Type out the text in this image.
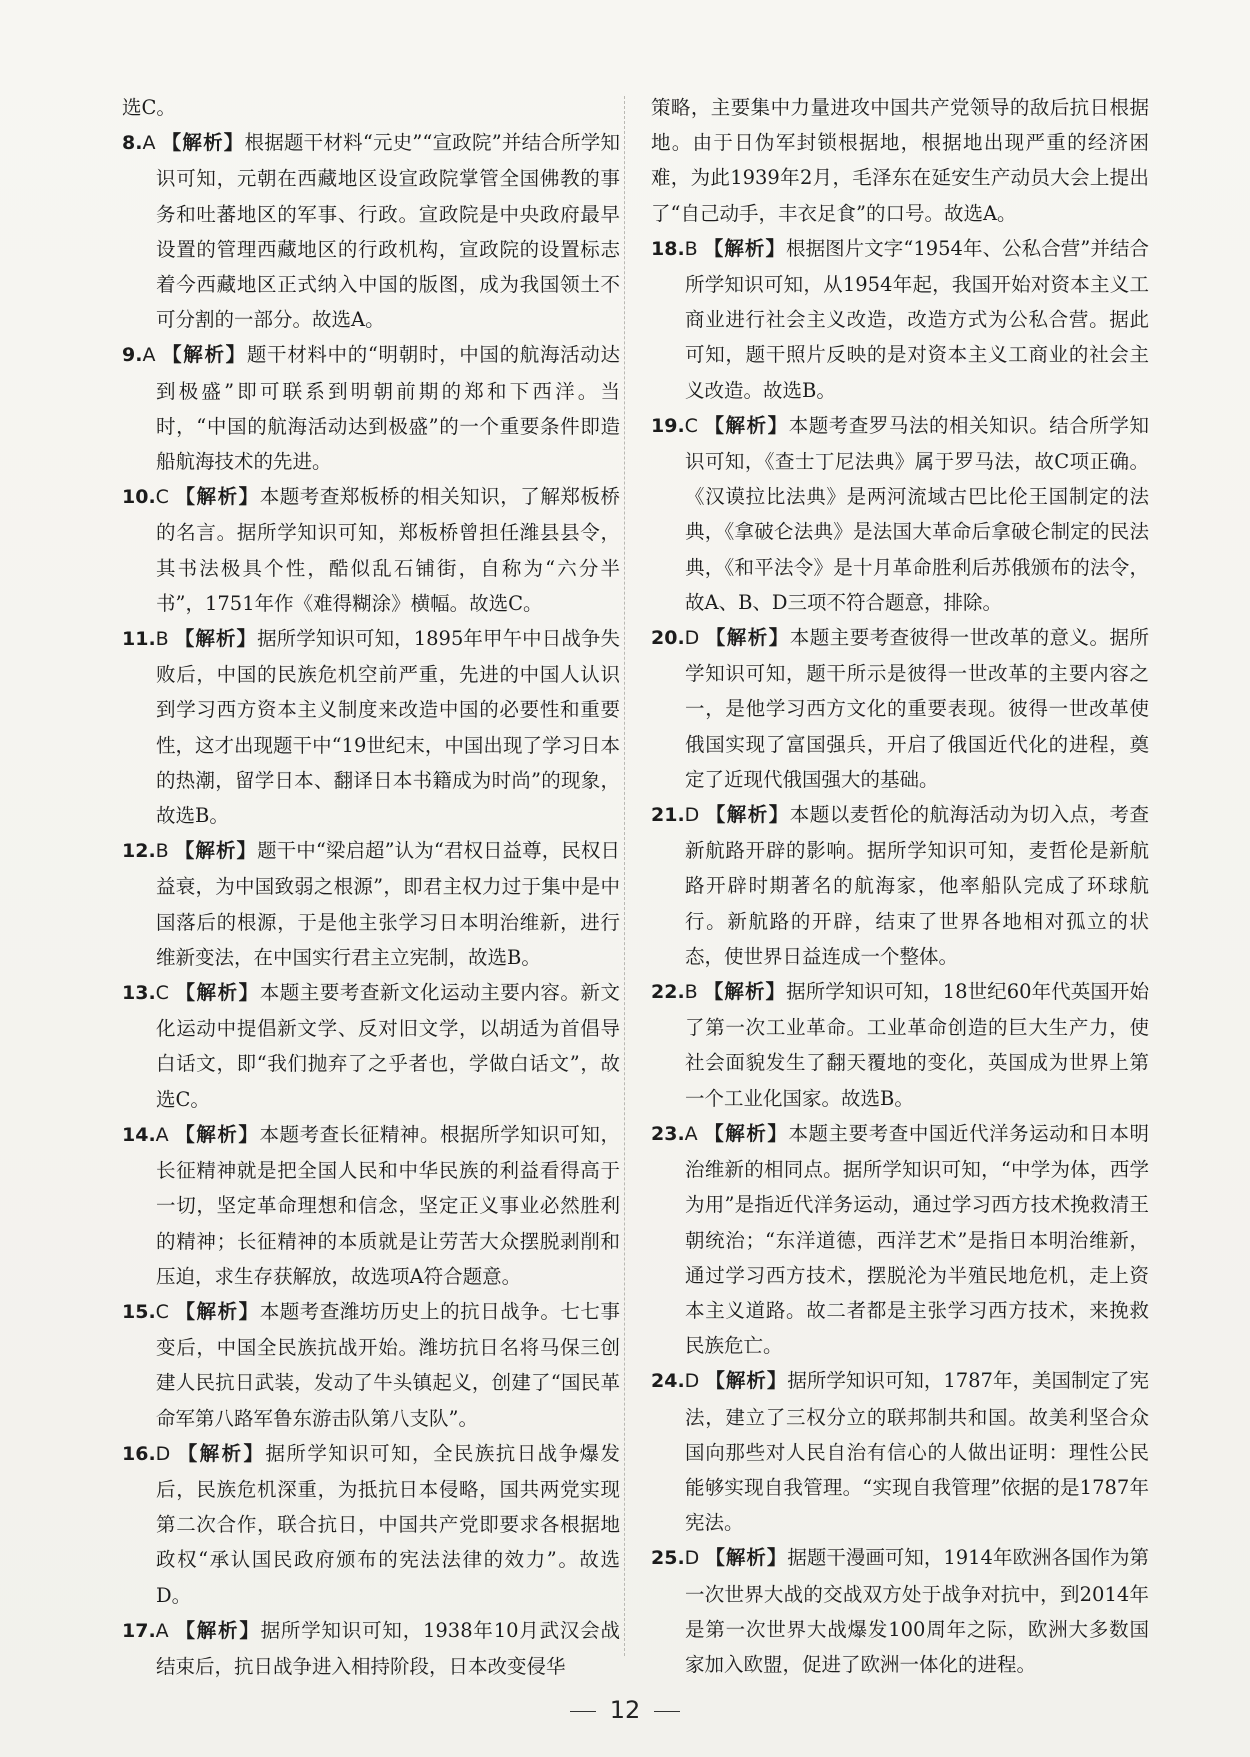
选C。

8.A 【解析】根据题干材料“元史”“宣政院”并结合所学知识可知，元朝在西藏地区设宣政院掌管全国佛教的事务和吐蕃地区的军事、行政。宣政院是中央政府最早设置的管理西藏地区的行政机构，宣政院的设置标志着今西藏地区正式纳入中国的版图，成为我国领土不可分割的一部分。故选A。

9.A 【解析】题干材料中的“明朝时，中国的航海活动达到极盛”即可联系到明朝前期的郑和下西洋。当时，“中国的航海活动达到极盛”的一个重要条件即造船航海技术的先进。

10.C 【解析】本题考查郑板桥的相关知识，了解郑板桥的名言。据所学知识可知，郑板桥曾担任潍县县令，其书法极具个性，酷似乱石铺街，自称为“六分半书”，1751年作《难得糊涂》横幅。故选C。

11.B 【解析】据所学知识可知，1895年甲午中日战争失败后，中国的民族危机空前严重，先进的中国人认识到学习西方资本主义制度来改造中国的必要性和重要性，这才出现题干中“19世纪末，中国出现了学习日本的热潮，留学日本、翻译日本书籍成为时尚”的现象，故选B。

12.B 【解析】题干中“梁启超”认为“君权日益尊，民权日益衰，为中国致弱之根源”，即君主权力过于集中是中国落后的根源，于是他主张学习日本明治维新，进行维新变法，在中国实行君主立宪制，故选B。

13.C 【解析】本题主要考查新文化运动主要内容。新文化运动中提倡新文学、反对旧文学，以胡适为首倡导白话文，即“我们抛弃了之乎者也，学做白话文”，故选C。

14.A 【解析】本题考查长征精神。根据所学知识可知，长征精神就是把全国人民和中华民族的利益看得高于一切，坚定革命理想和信念，坚定正义事业必然胜利的精神；长征精神的本质就是让劳苦大众摆脱剥削和压迫，求生存获解放，故选项A符合题意。

15.C 【解析】本题考查潍坊历史上的抗日战争。七七事变后，中国全民族抗战开始。潍坊抗日名将马保三创建人民抗日武装，发动了牛头镇起义，创建了“国民革命军第八路军鲁东游击队第八支队”。

16.D 【解析】据所学知识可知，全民族抗日战争爆发后，民族危机深重，为抵抗日本侵略，国共两党实现第二次合作，联合抗日，中国共产党即要求各根据地政权“承认国民政府颁布的宪法法律的效力”。故选D。

17.A 【解析】据所学知识可知，1938年10月武汉会战结束后，抗日战争进入相持阶段，日本改变侵华

策略，主要集中力量进攻中国共产党领导的敌后抗日根据地。由于日伪军封锁根据地，根据地出现严重的经济困难，为此1939年2月，毛泽东在延安生产动员大会上提出了“自己动手，丰衣足食”的口号。故选A。

18.B 【解析】根据图片文字“1954年、公私合营”并结合所学知识可知，从1954年起，我国开始对资本主义工商业进行社会主义改造，改造方式为公私合营。据此可知，题干照片反映的是对资本主义工商业的社会主义改造。故选B。

19.C 【解析】本题考查罗马法的相关知识。结合所学知识可知，《查士丁尼法典》属于罗马法，故C项正确。《汉谟拉比法典》是两河流域古巴比伦王国制定的法典，《拿破仑法典》是法国大革命后拿破仑制定的民法典，《和平法令》是十月革命胜利后苏俄颁布的法令，故A、B、D三项不符合题意，排除。

20.D 【解析】本题主要考查彼得一世改革的意义。据所学知识可知，题干所示是彼得一世改革的主要内容之一，是他学习西方文化的重要表现。彼得一世改革使俄国实现了富国强兵，开启了俄国近代化的进程，奠定了近现代俄国强大的基础。

21.D 【解析】本题以麦哲伦的航海活动为切入点，考查新航路开辟的影响。据所学知识可知，麦哲伦是新航路开辟时期著名的航海家，他率船队完成了环球航行。新航路的开辟，结束了世界各地相对孤立的状态，使世界日益连成一个整体。

22.B 【解析】据所学知识可知，18世纪60年代英国开始了第一次工业革命。工业革命创造的巨大生产力，使社会面貌发生了翻天覆地的变化，英国成为世界上第一个工业化国家。故选B。

23.A 【解析】本题主要考查中国近代洋务运动和日本明治维新的相同点。据所学知识可知，“中学为体，西学为用”是指近代洋务运动，通过学习西方技术挽救清王朝统治；“东洋道德，西洋艺术”是指日本明治维新，通过学习西方技术，摆脱沦为半殖民地危机，走上资本主义道路。故二者都是主张学习西方技术，来挽救民族危亡。

24.D 【解析】据所学知识可知，1787年，美国制定了宪法，建立了三权分立的联邦制共和国。故美利坚合众国向那些对人民自治有信心的人做出证明：理性公民能够实现自我管理。“实现自我管理”依据的是1787年宪法。

25.D 【解析】据题干漫画可知，1914年欧洲各国作为第一次世界大战的交战双方处于战争对抗中，到2014年是第一次世界大战爆发100周年之际，欧洲大多数国家加入欧盟，促进了欧洲一体化的进程。

12
